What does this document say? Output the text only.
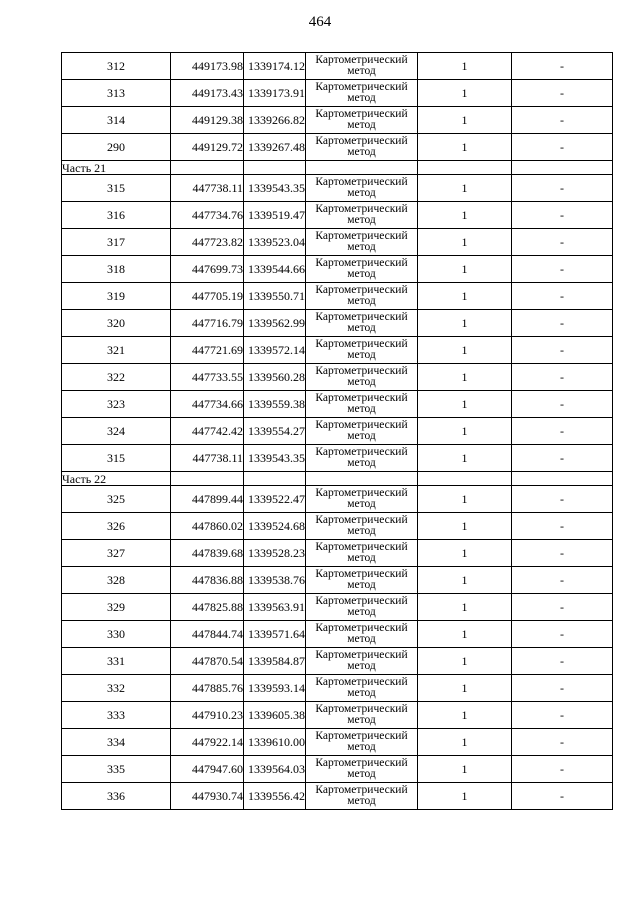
464
312	449173.98	1339174.12	Картометрический метод	1	-
313	449173.43	1339173.91	Картометрический метод	1	-
314	449129.38	1339266.82	Картометрический метод	1	-
290	449129.72	1339267.48	Картометрический метод	1	-
Часть 21					
315	447738.11	1339543.35	Картометрический метод	1	-
316	447734.76	1339519.47	Картометрический метод	1	-
317	447723.82	1339523.04	Картометрический метод	1	-
318	447699.73	1339544.66	Картометрический метод	1	-
319	447705.19	1339550.71	Картометрический метод	1	-
320	447716.79	1339562.99	Картометрический метод	1	-
321	447721.69	1339572.14	Картометрический метод	1	-
322	447733.55	1339560.28	Картометрический метод	1	-
323	447734.66	1339559.38	Картометрический метод	1	-
324	447742.42	1339554.27	Картометрический метод	1	-
315	447738.11	1339543.35	Картометрический метод	1	-
Часть 22					
325	447899.44	1339522.47	Картометрический метод	1	-
326	447860.02	1339524.68	Картометрический метод	1	-
327	447839.68	1339528.23	Картометрический метод	1	-
328	447836.88	1339538.76	Картометрический метод	1	-
329	447825.88	1339563.91	Картометрический метод	1	-
330	447844.74	1339571.64	Картометрический метод	1	-
331	447870.54	1339584.87	Картометрический метод	1	-
332	447885.76	1339593.14	Картометрический метод	1	-
333	447910.23	1339605.38	Картометрический метод	1	-
334	447922.14	1339610.00	Картометрический метод	1	-
335	447947.60	1339564.03	Картометрический метод	1	-
336	447930.74	1339556.42	Картометрический метод	1	-
